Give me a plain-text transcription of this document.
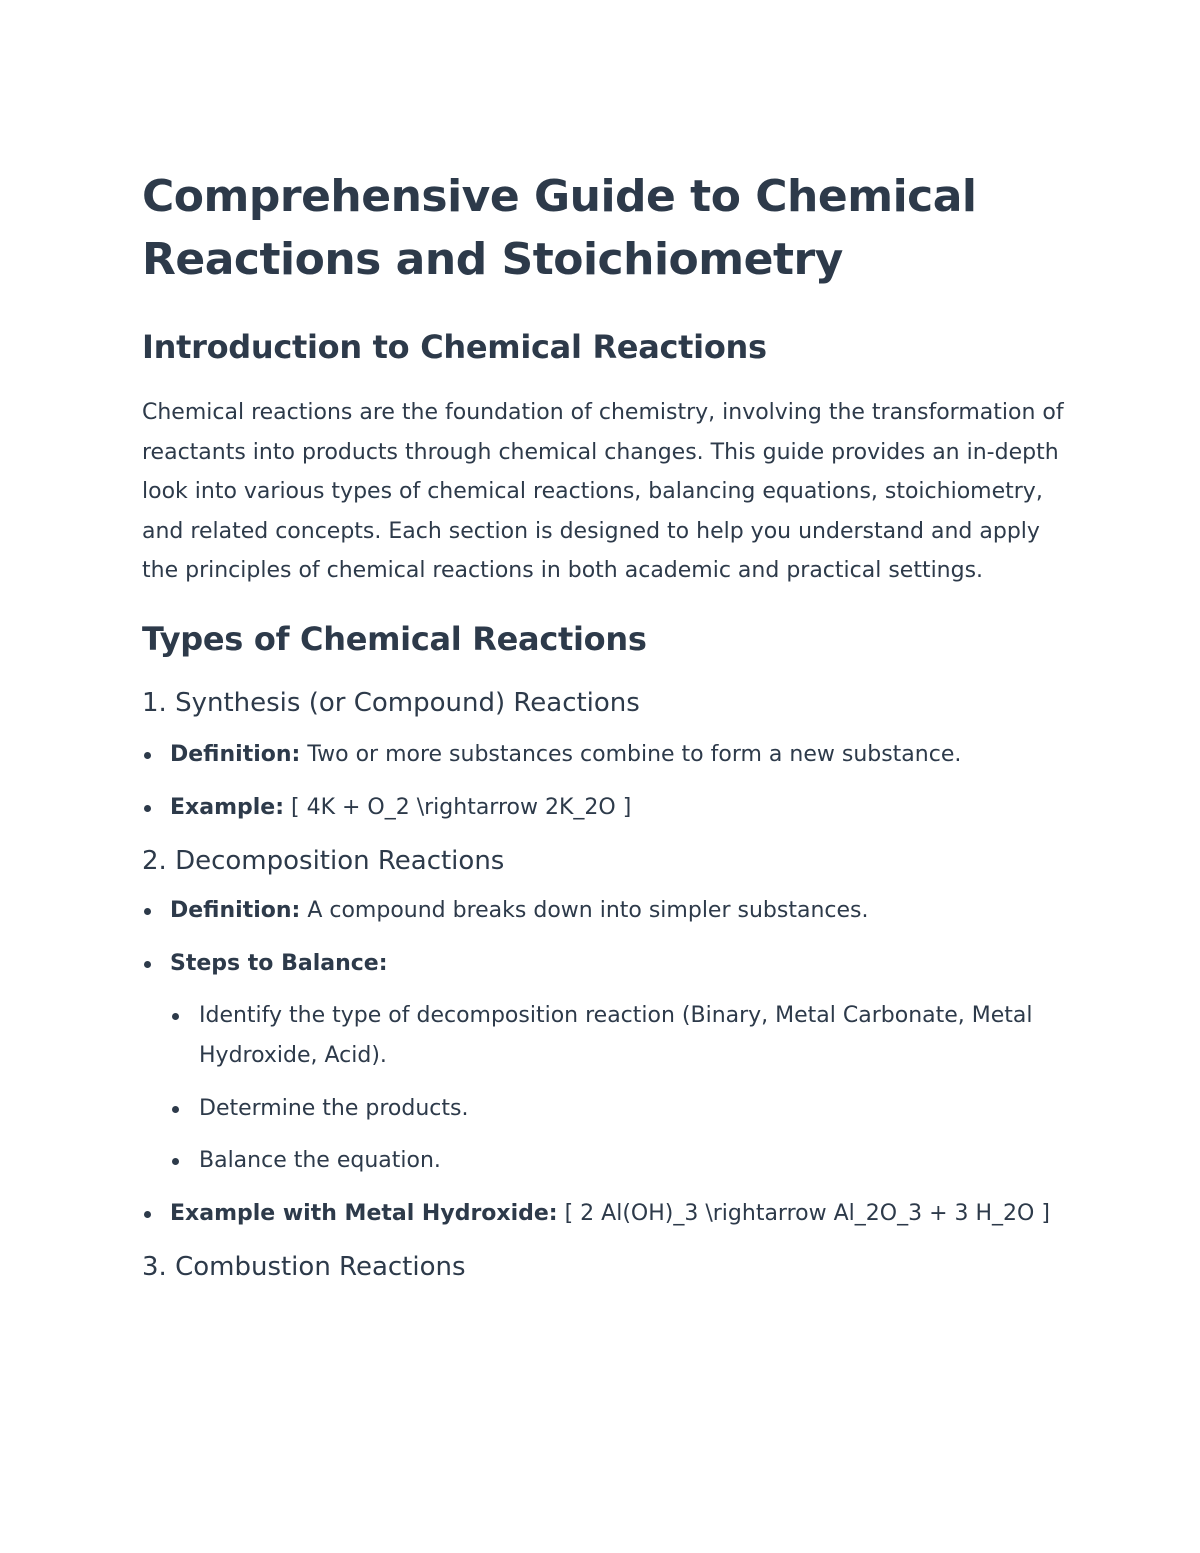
Comprehensive Guide to Chemical Reactions and Stoichiometry
Introduction to Chemical Reactions

Chemical reactions are the foundation of chemistry, involving the transformation of reactants into products through chemical changes. This guide provides an in-depth look into various types of chemical reactions, balancing equations, stoichiometry, and related concepts. Each section is designed to help you understand and apply the principles of chemical reactions in both academic and practical settings.

Types of Chemical Reactions
1. Synthesis (or Compound) Reactions
Definition: Two or more substances combine to form a new substance.
Example: [ 4K + O_2 \rightarrow 2K_2O ]
2. Decomposition Reactions
Definition: A compound breaks down into simpler substances.
Steps to Balance:
Identify the type of decomposition reaction (Binary, Metal Carbonate, Metal Hydroxide, Acid).
Determine the products.
Balance the equation.
Example with Metal Hydroxide: [ 2 Al(OH)_3 \rightarrow Al_2O_3 + 3 H_2O ]
3. Combustion Reactions
